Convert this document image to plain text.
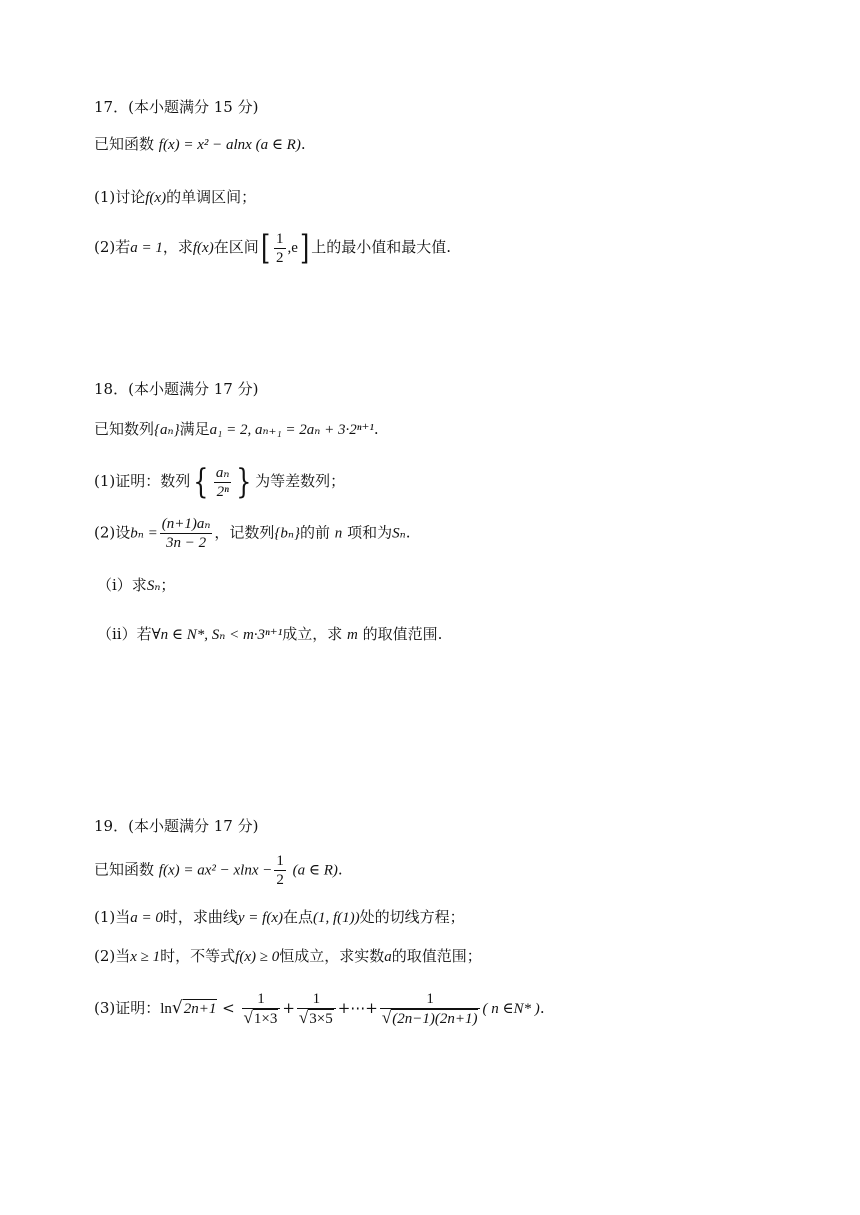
17．(本小题满分 15 分)
已知函数 f(x) = x² − alnx (a ∈ R).
(1)讨论f(x)的单调区间；
(2)若a = 1，求f(x)在区间[ $\frac{1}{2} ,e$] 上的最小值和最大值.
18．(本小题满分 17 分)
已知数列{aₙ}满足a₁ = 2, aₙ₊₁ = 2aₙ + 3·2ⁿ⁺¹.
(1)证明：数列{ $\frac{\text{aₙ}}{\text{2ⁿ}}$ } 为等差数列；
(2)设$b_n = \frac{\text{(n+1)aₙ}}{3n - 2}$ ，记数列{bₙ}的前 n 项和为Sₙ.
（i）求Sₙ；
（ii）若∀n ∈ N*, Sₙ < m·3ⁿ⁺¹成立，求 m 的取值范围.
19．(本小题满分 17 分)
已知函数 $f(x) = ax^2 - xlnx - \frac{1}{2} (a$ ∈ R).
(1)当a = 0时，求曲线y = f(x)在点(1, f(1))处的切线方程；
(2)当x ≥ 1时，不等式f(x) ≥ 0恒成立，求实数a的取值范围；
(3)证明：$\ln√2n+1 < \frac{1}{√1\times 3} + \frac{1}{√3\times 5}$ +⋯+ $\frac{1}{√(2n-1)(2n+1)}$ ( n ∈N* ).
